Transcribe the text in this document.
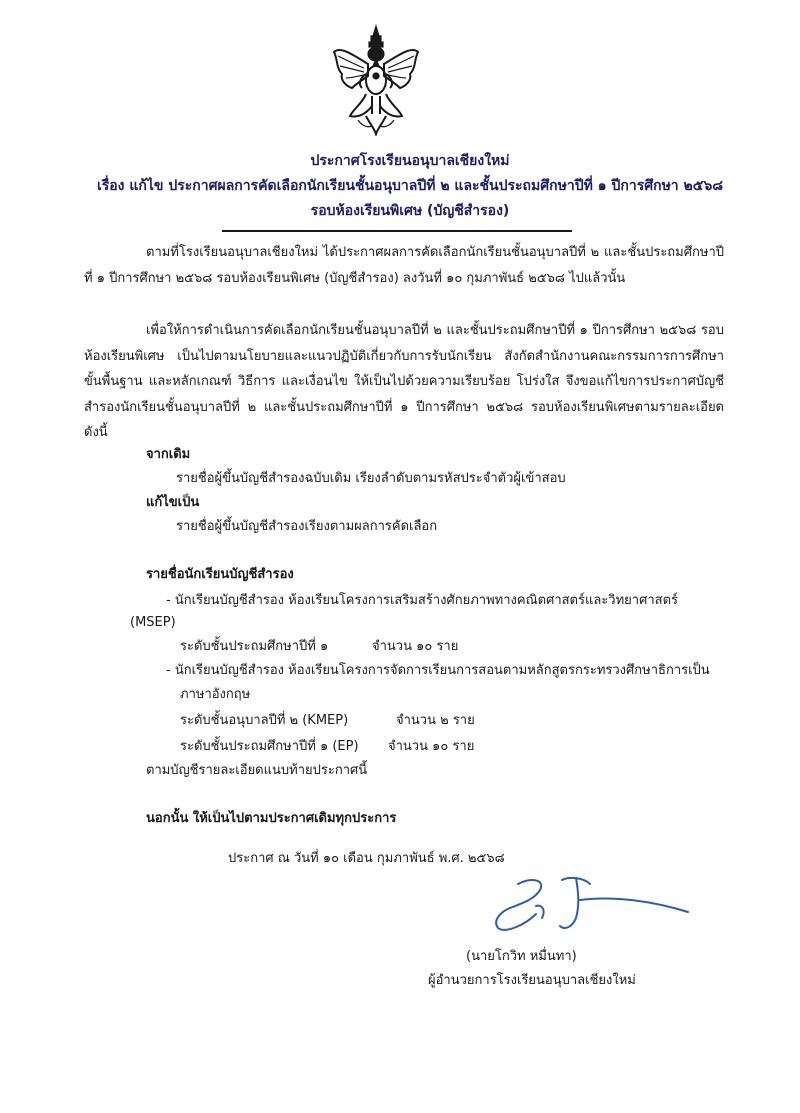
ประกาศโรงเรียนอนุบาลเชียงใหม่
เรื่อง แก้ไข ประกาศผลการคัดเลือกนักเรียนชั้นอนุบาลปีที่ ๒ และชั้นประถมศึกษาปีที่ ๑ ปีการศึกษา ๒๕๖๘
รอบห้องเรียนพิเศษ (บัญชีสำรอง)
ตามที่โรงเรียนอนุบาลเชียงใหม่ ได้ประกาศผลการคัดเลือกนักเรียนชั้นอนุบาลปีที่ ๒ และชั้นประถมศึกษาปีที่ ๑ ปีการศึกษา ๒๕๖๘ รอบห้องเรียนพิเศษ (บัญชีสำรอง) ลงวันที่ ๑๐ กุมภาพันธ์ ๒๕๖๘ ไปแล้วนั้น
เพื่อให้การดำเนินการคัดเลือกนักเรียนชั้นอนุบาลปีที่ ๒ และชั้นประถมศึกษาปีที่ ๑ ปีการศึกษา ๒๕๖๘ รอบห้องเรียนพิเศษ เป็นไปตามนโยบายและแนวปฏิบัติเกี่ยวกับการรับนักเรียน สังกัดสำนักงานคณะกรรมการการศึกษาขั้นพื้นฐาน และหลักเกณฑ์ วิธีการ และเงื่อนไข ให้เป็นไปด้วยความเรียบร้อย โปร่งใส จึงขอแก้ไขการประกาศบัญชีสำรองนักเรียนชั้นอนุบาลปีที่ ๒ และชั้นประถมศึกษาปีที่ ๑ ปีการศึกษา ๒๕๖๘ รอบห้องเรียนพิเศษตามรายละเอียดดังนี้
จากเดิม
รายชื่อผู้ขึ้นบัญชีสำรองฉบับเดิม เรียงลำดับตามรหัสประจำตัวผู้เข้าสอบ
แก้ไขเป็น
รายชื่อผู้ขึ้นบัญชีสำรองเรียงตามผลการคัดเลือก
รายชื่อนักเรียนบัญชีสำรอง
- นักเรียนบัญชีสำรอง ห้องเรียนโครงการเสริมสร้างศักยภาพทางคณิตศาสตร์และวิทยาศาสตร์
(MSEP)
ระดับชั้นประถมศึกษาปีที่ ๑	จำนวน ๑๐ ราย
- นักเรียนบัญชีสำรอง ห้องเรียนโครงการจัดการเรียนการสอนตามหลักสูตรกระทรวงศึกษาธิการเป็น
ภาษาอังกฤษ
ระดับชั้นอนุบาลปีที่ ๒ (KMEP)	จำนวน ๒ ราย
ระดับชั้นประถมศึกษาปีที่ ๑ (EP) จำนวน ๑๐ ราย
ตามบัญชีรายละเอียดแนบท้ายประกาศนี้
นอกนั้น ให้เป็นไปตามประกาศเดิมทุกประการ
ประกาศ ณ วันที่ ๑๐ เดือน กุมภาพันธ์ พ.ศ. ๒๕๖๘
(นายโกวิท หมื่นทา)
ผู้อำนวยการโรงเรียนอนุบาลเชียงใหม่
